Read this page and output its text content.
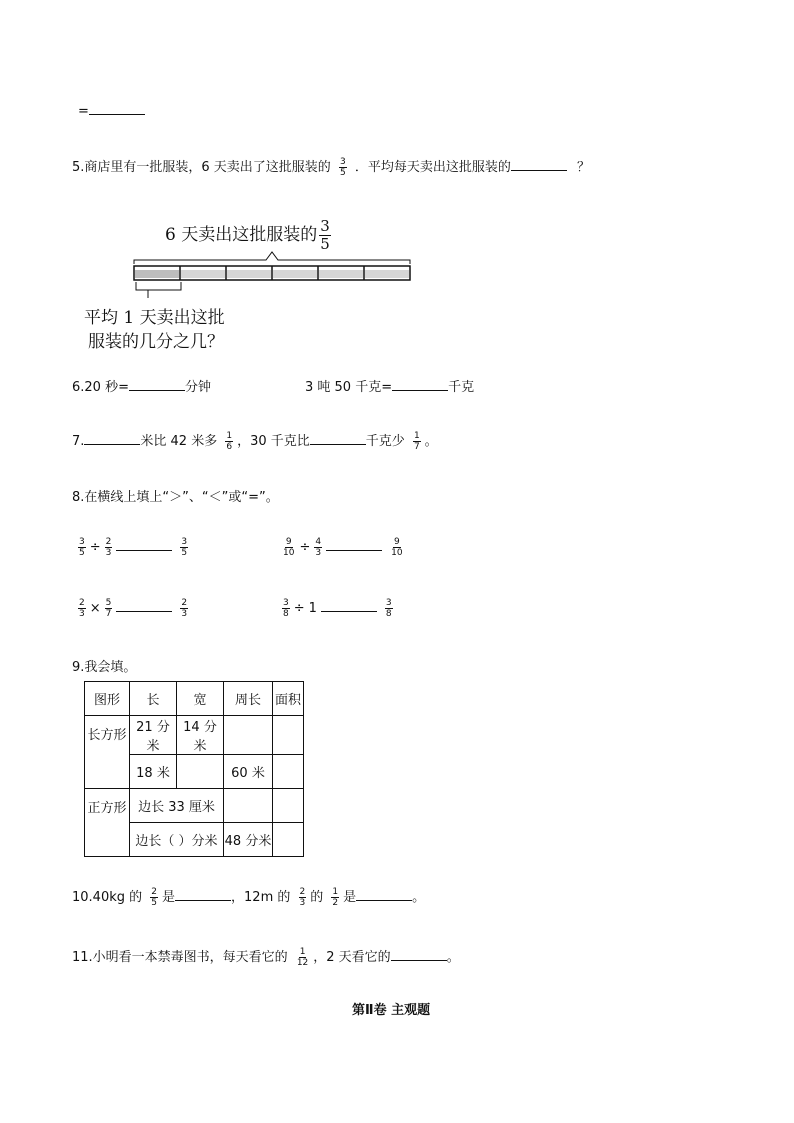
=
5.商店里有一批服装，6 天卖出了这批服装的 $\frac{3}{5}$ ．平均每天卖出这批服装的	？
6 天卖出这批服装的 $\frac{3}{5}$
平均 1 天卖出这批
服装的几分之几？
6.20 秒=	分钟	3 吨 50 千克=	千克
7.	米比 42 米多 $\frac{1}{6}$ ，30 千克比	千克少 $\frac{1}{7}$ 。
8.在横线上填上“＞”、“＜”或“=”。
$\frac{3}{5} \div \frac{2}{3}$	$\frac{3}{5}$	$\frac{9}{10} \div \frac{4}{3}$	$\frac{9}{10}$
$\frac{2}{3} \times \frac{5}{7}$	$\frac{2}{3}$	$\frac{3}{8} \div 1$	$\frac{3}{8}$
9.我会填。
图形	长	宽	周长	面积
长方形	21 分米	14 分米		
	18 米		60 米	
正方形	边长 33 厘米			
	边长（ ）分米		48 分米	
10.40kg 的 $\frac{2}{5}$ 是	，12m 的 $\frac{2}{3}$ 的 $\frac{1}{2}$ 是	。
11.小明看一本禁毒图书，每天看它的 $\frac{1}{12}$ ，2 天看它的	。
第Ⅱ卷 主观题
